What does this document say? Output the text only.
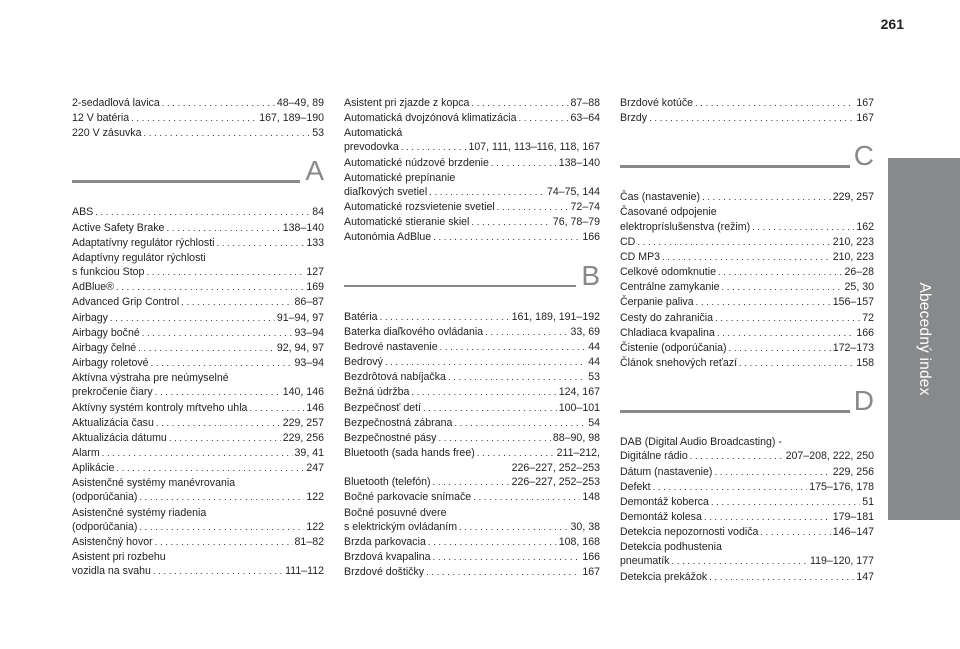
261
Abecedný index
2-sedadlová lavica . . .	48–49, 89
12 V batéria . . .	167, 189–190
220 V zásuvka . . .	53
A
ABS . . .	84
Active Safety Brake . . .	138–140
Adaptatívny regulátor rýchlosti . . .	133
Adaptívny regulátor rýchlosti
s funkciou Stop . . .	127
AdBlue® . . .	169
Advanced Grip Control . . .	86–87
Airbagy . . .	91–94, 97
Airbagy bočné . . .	93–94
Airbagy čelné . . .	92, 94, 97
Airbagy roletové . . .	93–94
Aktívna výstraha pre neúmyselné
prekročenie čiary . . .	140, 146
Aktívny systém kontroly mŕtveho uhla . . .	146
Aktualizácia času . . .	229, 257
Aktualizácia dátumu . . .	229, 256
Alarm . . .	39, 41
Aplikácie . . .	247
Asistenčné systémy manévrovania
(odporúčania) . . .	122
Asistenčné systémy riadenia
(odporúčania) . . .	122
Asistenčný hovor . . .	81–82
Asistent pri rozbehu
vozidla na svahu . . .	111–112
Asistent pri zjazde z kopca . . .	87–88
Automatická dvojzónová klimatizácia . . .	63–64
Automatická
prevodovka . . .	107, 111, 113–116, 118, 167
Automatické núdzové brzdenie . . .	138–140
Automatické prepínanie
diaľkových svetiel . . .	74–75, 144
Automatické rozsvietenie svetiel . . .	72–74
Automatické stieranie skiel . . .	76, 78–79
Autonómia AdBlue . . .	166
B
Batéria . . .	161, 189, 191–192
Baterka diaľkového ovládania . . .	33, 69
Bedrové nastavenie . . .	44
Bedrový . . .	44
Bezdrôtová nabíjačka . . .	53
Bežná údržba . . .	124, 167
Bezpečnosť detí . . .	100–101
Bezpečnostná zábrana . . .	54
Bezpečnostné pásy . . .	88–90, 98
Bluetooth (sada hands free) . . .	211–212,
226–227, 252–253
Bluetooth (telefón) . . .	226–227, 252–253
Bočné parkovacie snímače . . .	148
Bočné posuvné dvere
s elektrickým ovládaním . . .	30, 38
Brzda parkovacia . . .	108, 168
Brzdová kvapalina . . .	166
Brzdové doštičky . . .	167
Brzdové kotúče . . .	167
Brzdy . . .	167
C
Čas (nastavenie) . . .	229, 257
Časované odpojenie
elektropríslušenstva (režim) . . .	162
CD . . .	210, 223
CD MP3 . . .	210, 223
Celkové odomknutie . . .	26–28
Centrálne zamykanie . . .	25, 30
Čerpanie paliva . . .	156–157
Cesty do zahraničia . . .	72
Chladiaca kvapalina . . .	166
Čistenie (odporúčania) . . .	172–173
Článok snehových reťazí . . .	158
D
DAB (Digital Audio Broadcasting) -
Digitálne rádio . . .	207–208, 222, 250
Dátum (nastavenie) . . .	229, 256
Defekt . . .	175–176, 178
Demontáž koberca . . .	51
Demontáž kolesa . . .	179–181
Detekcia nepozornosti vodiča . . .	146–147
Detekcia podhustenia
pneumatík . . .	119–120, 177
Detekcia prekážok . . .	147
